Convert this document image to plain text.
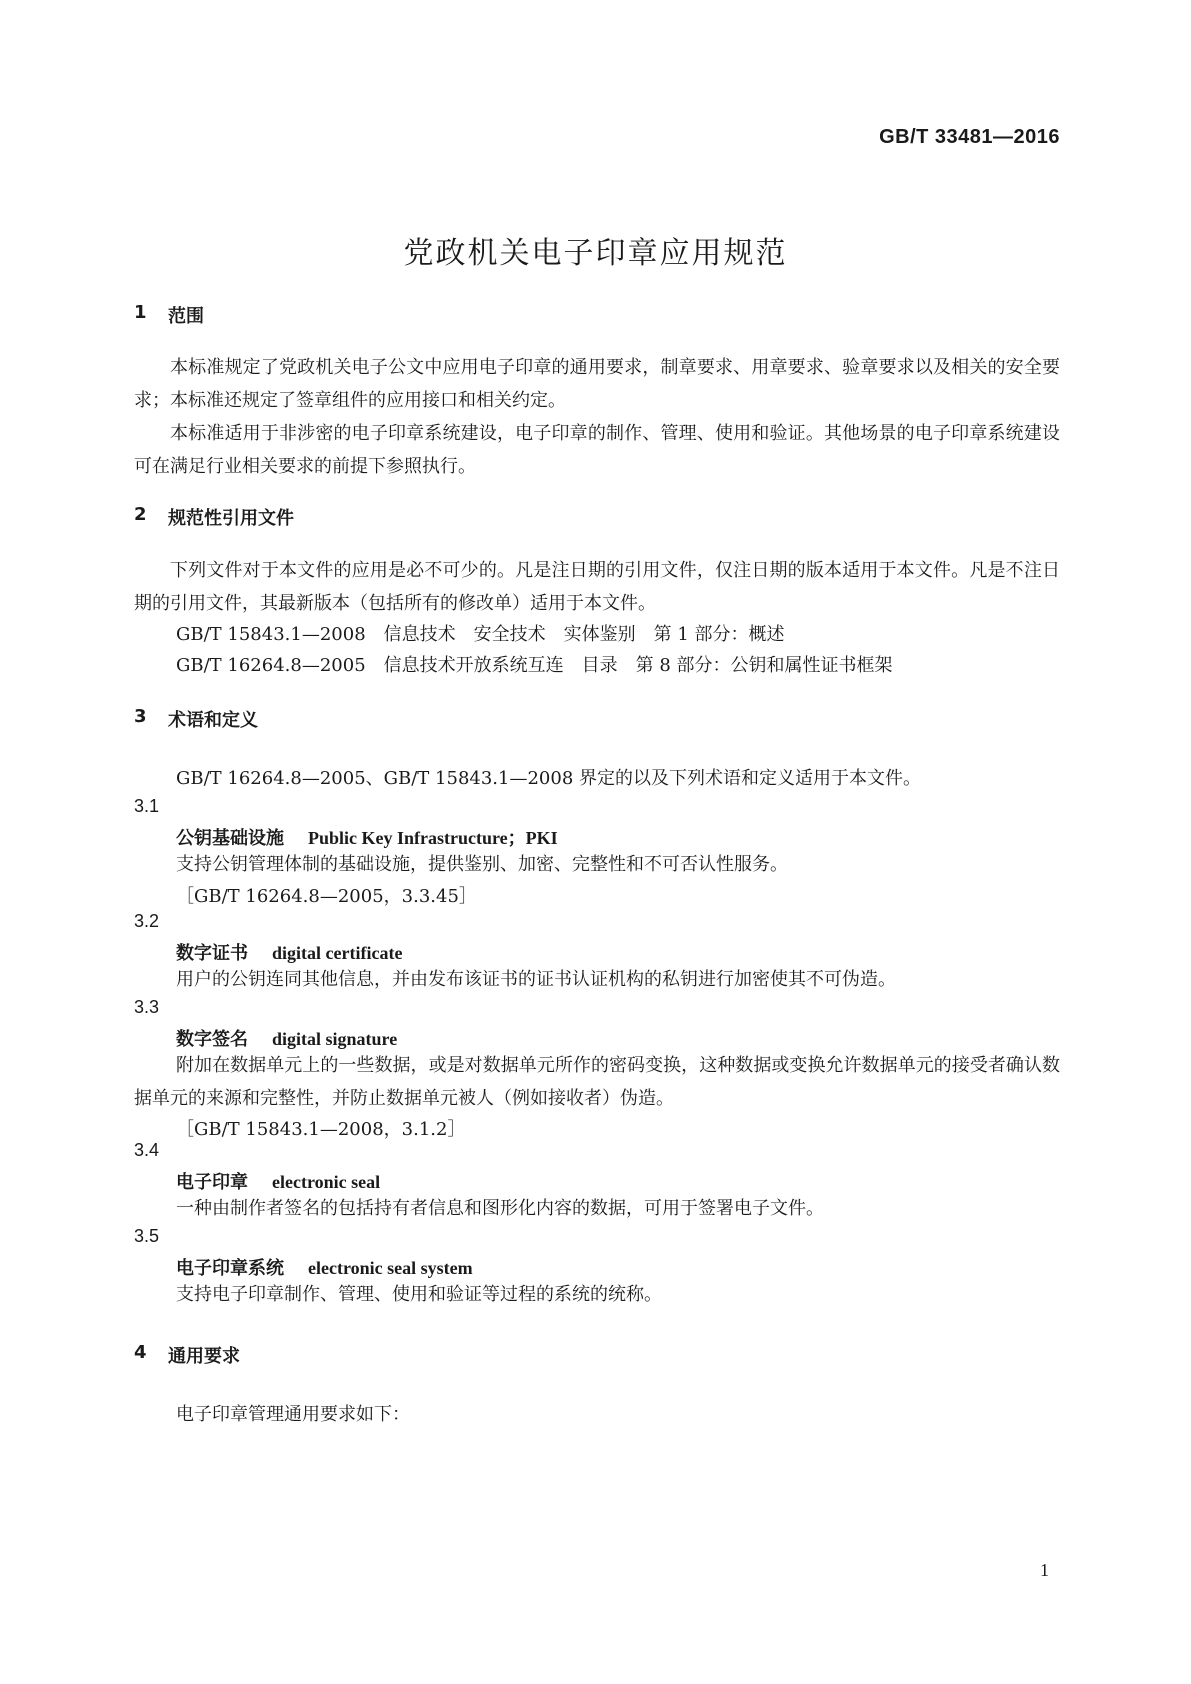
GB/T 33481—2016
党政机关电子印章应用规范
1 范围
本标准规定了党政机关电子公文中应用电子印章的通用要求，制章要求、用章要求、验章要求以及相关的安全要求；本标准还规定了签章组件的应用接口和相关约定。
本标准适用于非涉密的电子印章系统建设，电子印章的制作、管理、使用和验证。其他场景的电子印章系统建设可在满足行业相关要求的前提下参照执行。
2 规范性引用文件
下列文件对于本文件的应用是必不可少的。凡是注日期的引用文件，仅注日期的版本适用于本文件。凡是不注日期的引用文件，其最新版本（包括所有的修改单）适用于本文件。
GB/T 15843.1—2008　信息技术　安全技术　实体鉴别　第 1 部分：概述
GB/T 16264.8—2005　信息技术开放系统互连　目录　第 8 部分：公钥和属性证书框架
3 术语和定义
GB/T 16264.8—2005、GB/T 15843.1—2008 界定的以及下列术语和定义适用于本文件。
3.1
公钥基础设施 Public Key Infrastructure；PKI
支持公钥管理体制的基础设施，提供鉴别、加密、完整性和不可否认性服务。
［GB/T 16264.8—2005，3.3.45］
3.2
数字证书 digital certificate
用户的公钥连同其他信息，并由发布该证书的证书认证机构的私钥进行加密使其不可伪造。
3.3
数字签名 digital signature
附加在数据单元上的一些数据，或是对数据单元所作的密码变换，这种数据或变换允许数据单元的接受者确认数据单元的来源和完整性，并防止数据单元被人（例如接收者）伪造。
［GB/T 15843.1—2008，3.1.2］
3.4
电子印章 electronic seal
一种由制作者签名的包括持有者信息和图形化内容的数据，可用于签署电子文件。
3.5
电子印章系统 electronic seal system
支持电子印章制作、管理、使用和验证等过程的系统的统称。
4 通用要求
电子印章管理通用要求如下：
1
